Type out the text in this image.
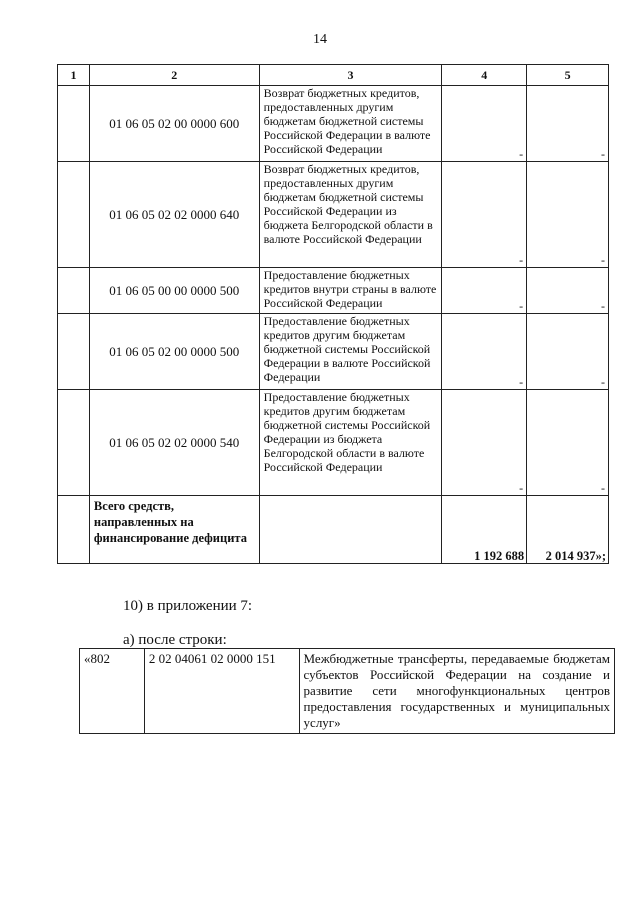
14
1	2	3	4	5
	01 06 05 02 00 0000 600	Возврат бюджетных кредитов, предоставленных другим бюджетам бюджетной системы Российской Федерации в валюте Российской Федерации	-	-
	01 06 05 02 02 0000 640	Возврат бюджетных кредитов, предоставленных другим бюджетам бюджетной системы Российской Федерации из бюджета Белгородской области в валюте Российской Федерации	-	-
	01 06 05 00 00 0000 500	Предоставление бюджетных кредитов внутри страны в валюте Российской Федерации	-	-
	01 06 05 02 00 0000 500	Предоставление бюджетных кредитов другим бюджетам бюджетной системы Российской Федерации в валюте Российской Федерации	-	-
	01 06 05 02 02 0000 540	Предоставление бюджетных кредитов другим бюджетам бюджетной системы Российской Федерации из бюджета Белгородской области в валюте Российской Федерации	-	-
	Всего средств, направленных на финансирование дефицита		1 192 688	2 014 937»;
10) в приложении 7:
а) после строки:
«802	2 02 04061 02 0000 151	Межбюджетные трансферты, передаваемые бюджетам субъектов Российской Федерации на создание и развитие сети многофункциональных центров предоставления государственных и муниципальных услуг»
